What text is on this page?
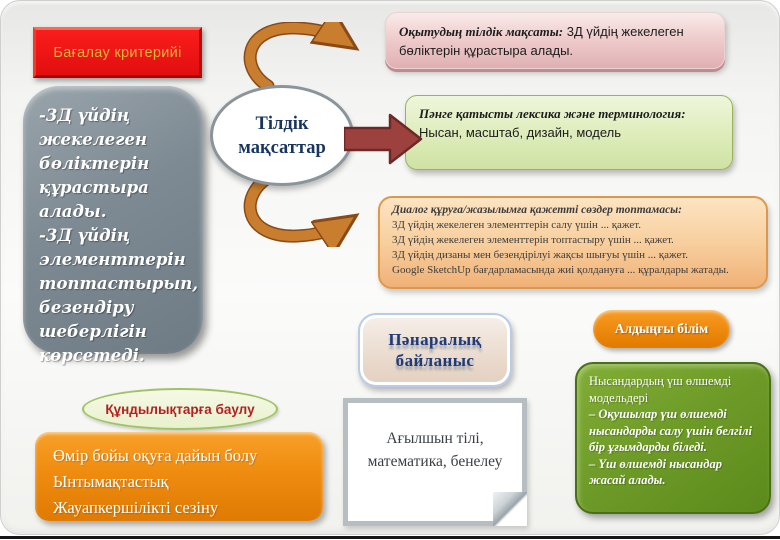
Бағалау критерийі

-3Д үйдің жекелеген бөліктерін құрастыра алады.

-3Д үйдің элементтерін топтастырып, безендіру шеберлігін көрсетеді.

Тілдік мақсаттар
Оқытудың тілдік мақсаты: 3Д үйдің жекелеген бөліктерін құрастыра алады.
Пәнге қатысты лексика және терминология: Нысан, масштаб, дизайн, модель
Диалог құруға/жазылымға қажетті сөздер топтамасы:
3Д үйдің жекелеген элементтерін салу үшін ... қажет.
3Д үйдің жекелеген элементтерін топтастыру үшін ... қажет.
3Д үйдің дизаны мен безендірілуі жақсы шығуы үшін ... қажет.
Google SketchUp бағдарламасында жиі қолдануға ... құралдары жатады.
Пәнаралық
байланыс
Ағылшын тілі, математика, бенелеу
Құндылықтарға баулу
Өмір бойы оқуға дайын болу
Ынтымақтастық
Жауапкершілікті сезіну
Алдыңғы білім
Нысандардың үш өлшемді модельдері
– Оқушылар үш өлшемді нысандарды салу үшін белгілі бір ұғымдарды біледі.
– Үш өлшемді нысандар жасай алады.
